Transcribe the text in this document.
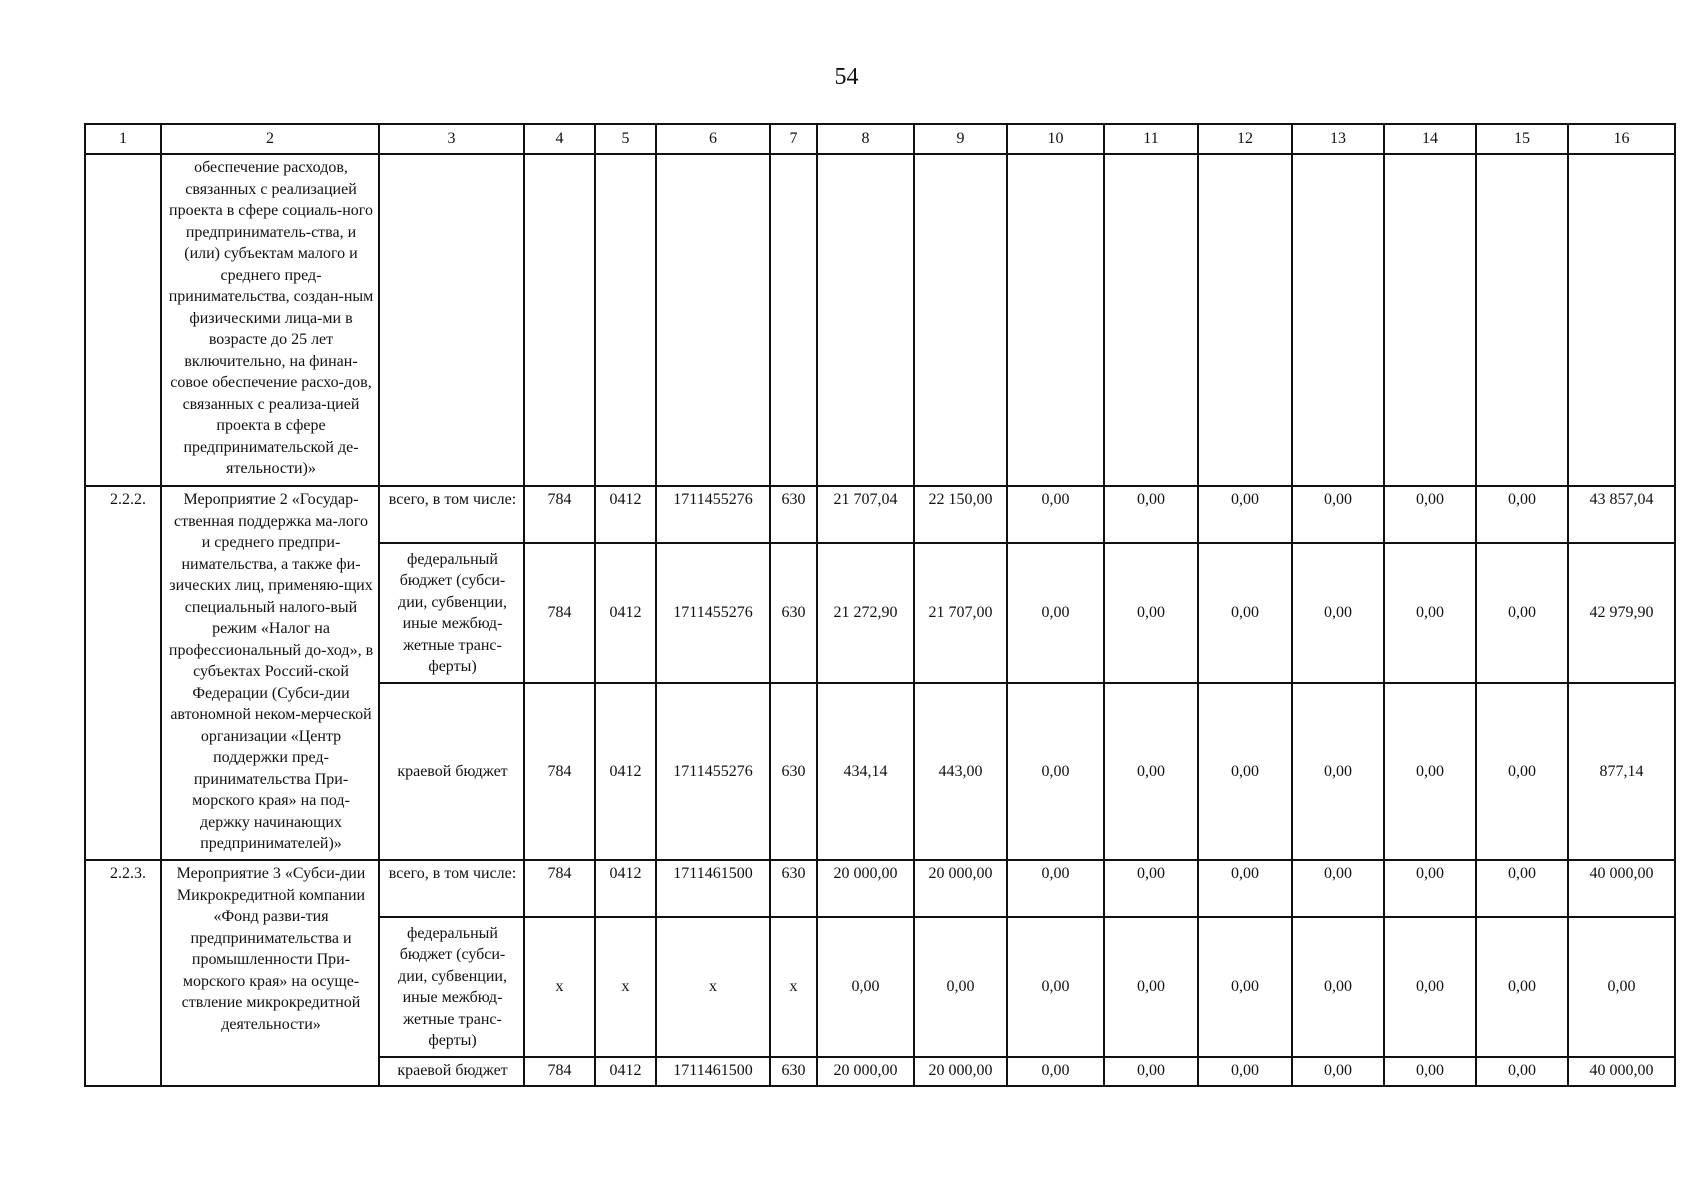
54
1	2	3	4	5	6	7	8	9	10	11	12	13	14	15	16
	обеспечение расходов, связанных с реализацией проекта в сфере социаль-ного предприниматель-ства, и (или) субъектам малого и среднего пред-принимательства, создан-ным физическими лица-ми в возрасте до 25 лет включительно, на финан-совое обеспечение расхо-дов, связанных с реализа-цией проекта в сфере предпринимательской де-ятельности)»														
2.2.2.	Мероприятие 2 «Государ-ственная поддержка ма-лого и среднего предпри-нимательства, а также фи-зических лиц, применяю-щих специальный налого-вый режим «Налог на профессиональный до-ход», в субъектах Россий-ской Федерации (Субси-дии автономной неком-мерческой организации «Центр поддержки пред-принимательства При-морского края» на под-держку начинающих предпринимателей)»	всего, в том числе:	784	0412	1711455276	630	21 707,04	22 150,00	0,00	0,00	0,00	0,00	0,00	0,00	43 857,04
		федеральный бюджет (субси-дии, субвенции, иные межбюд-жетные транс-ферты)	784	0412	1711455276	630	21 272,90	21 707,00	0,00	0,00	0,00	0,00	0,00	0,00	42 979,90
		краевой бюджет	784	0412	1711455276	630	434,14	443,00	0,00	0,00	0,00	0,00	0,00	0,00	877,14
2.2.3.	Мероприятие 3 «Субси-дии Микрокредитной компании «Фонд разви-тия предпринимательства и промышленности При-морского края» на осуще-ствление микрокредитной деятельности»	всего, в том числе:	784	0412	1711461500	630	20 000,00	20 000,00	0,00	0,00	0,00	0,00	0,00	0,00	40 000,00
		федеральный бюджет (субси-дии, субвенции, иные межбюд-жетные транс-ферты)	х	х	х	х	0,00	0,00	0,00	0,00	0,00	0,00	0,00	0,00	0,00
		краевой бюджет	784	0412	1711461500	630	20 000,00	20 000,00	0,00	0,00	0,00	0,00	0,00	0,00	40 000,00
